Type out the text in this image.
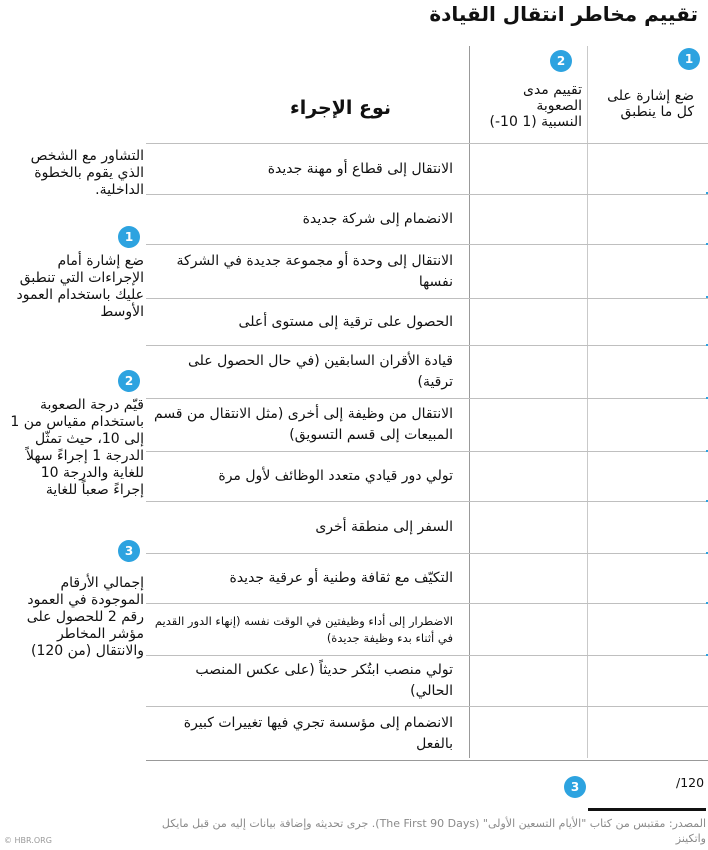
تقييم مخاطر انتقال القيادة
1
2
ضع إشارة على
كل ما ينطبق
تقييم مدى
الصعوبة
النسبية (1 10-)
نوع الإجراء
الانتقال إلى قطاع أو مهنة جديدة
الانضمام إلى شركة جديدة
الانتقال إلى وحدة أو مجموعة جديدة في الشركة نفسها
الحصول على ترقية إلى مستوى أعلى
قيادة الأقران السابقين (في حال الحصول على ترقية)
الانتقال من وظيفة إلى أخرى (مثل الانتقال من قسم المبيعات إلى قسم التسويق)
تولي دور قيادي متعدد الوظائف لأول مرة
السفر إلى منطقة أخرى
التكيّف مع ثقافة وطنية أو عرقية جديدة
الاضطرار إلى أداء وظيفتين في الوقت نفسه (إنهاء الدور القديم في أثناء بدء وظيفة جديدة)
تولي منصب ابتُكر حديثاً (على عكس المنصب الحالي)
الانضمام إلى مؤسسة تجري فيها تغييرات كبيرة بالفعل
التشاور مع الشخص الذي يقوم بالخطوة الداخلية.
1
ضع إشارة أمام الإجراءات التي تنطبق عليك باستخدام العمود الأوسط
2
قيّم درجة الصعوبة باستخدام مقياس من 1 إلى 10، حيث تمثّل الدرجة 1 إجراءً سهلاً للغاية والدرجة 10 إجراءً صعباً للغاية
3
إجمالي الأرقام الموجودة في العمود رقم 2 للحصول على مؤشر المخاطر والانتقال (من 120)
3	/120
المصدر: مقتبس من كتاب "الأيام التسعين الأولى" (The First 90 Days). جرى تحديثه وإضافة بيانات إليه من قبل مايكل واتكينز
© HBR.ORG
